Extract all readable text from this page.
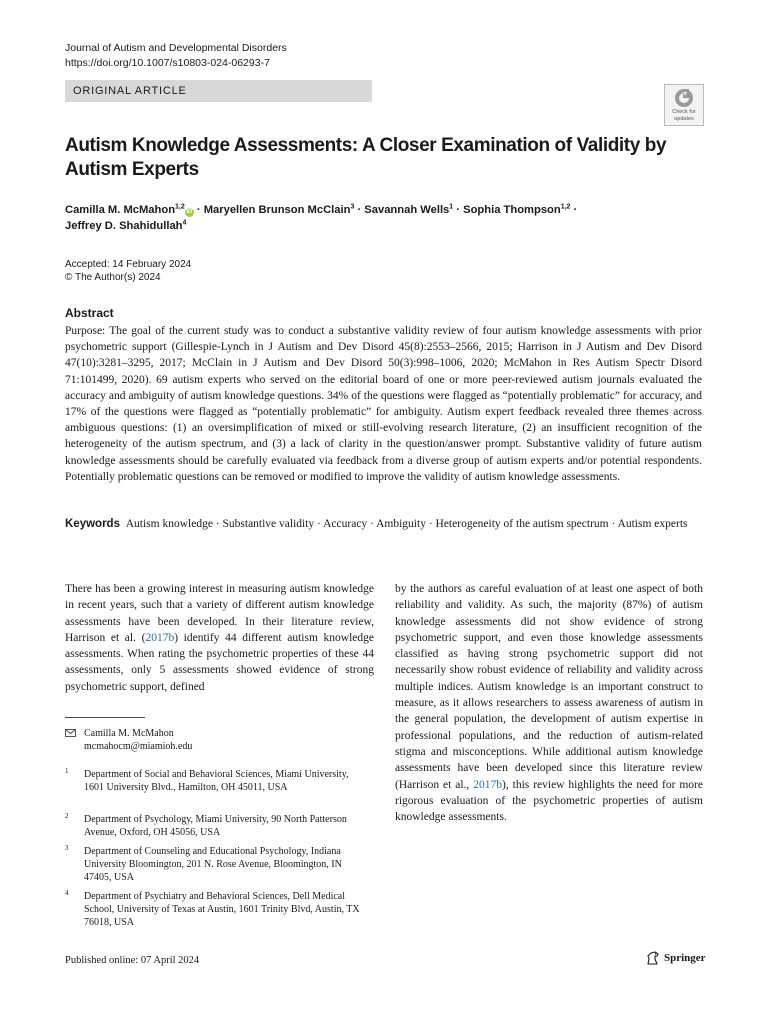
Journal of Autism and Developmental Disorders
https://doi.org/10.1007/s10803-024-06293-7
ORIGINAL ARTICLE
Check for
updates
Autism Knowledge Assessments: A Closer Examination of Validity by Autism Experts
Camilla M. McMahon$^{1,2}$iD · Maryellen Brunson McClain$^3$ · Savannah Wells$^1$ · Sophia Thompson$^{1,2}$ ·
Jeffrey D. Shahidullah$^4$
Accepted: 14 February 2024
© The Author(s) 2024
Abstract

Purpose: The goal of the current study was to conduct a substantive validity review of four autism knowledge assessments with prior psychometric support (Gillespie-Lynch in J Autism and Dev Disord 45(8):2553–2566, 2015; Harrison in J Autism and Dev Disord 47(10):3281–3295, 2017; McClain in J Autism and Dev Disord 50(3):998–1006, 2020; McMahon in Res Autism Spectr Disord 71:101499, 2020). 69 autism experts who served on the editorial board of one or more peer-reviewed autism journals evaluated the accuracy and ambiguity of autism knowledge questions. 34% of the questions were flagged as “potentially problematic” for accuracy, and 17% of the questions were flagged as “potentially problematic” for ambiguity. Autism expert feedback revealed three themes across ambiguous questions: (1) an oversimplification of mixed or still-evolving research literature, (2) an insufficient recognition of the heterogeneity of the autism spectrum, and (3) a lack of clarity in the question/answer prompt. Substantive validity of future autism knowledge assessments should be carefully evaluated via feedback from a diverse group of autism experts and/or potential respondents. Potentially problematic questions can be removed or modified to improve the validity of autism knowledge assessments.

Keywords Autism knowledge · Substantive validity · Accuracy · Ambiguity · Heterogeneity of the autism spectrum · Autism experts

There has been a growing interest in measuring autism knowledge in recent years, such that a variety of different autism knowledge assessments have been developed. In their literature review, Harrison et al. (2017b) identify 44 different autism knowledge assessments. When rating the psychometric properties of these 44 assessments, only 5 assessments showed evidence of strong psychometric support, defined

by the authors as careful evaluation of at least one aspect of both reliability and validity. As such, the majority (87%) of autism knowledge assessments did not show evidence of strong psychometric support, and even those knowledge assessments classified as having strong psychometric support did not necessarily show robust evidence of reliability and validity across multiple indices. Autism knowledge is an important construct to measure, as it allows researchers to assess awareness of autism in the general population, the development of autism expertise in professional populations, and the reduction of autism-related stigma and misconceptions. While additional autism knowledge assessments have been developed since this literature review (Harrison et al., 2017b), this review highlights the need for more rigorous evaluation of the psychometric properties of autism knowledge assessments.

Camilla M. McMahon
mcmahocm@miamioh.edu
1 Department of Social and Behavioral Sciences, Miami University, 1601 University Blvd., Hamilton, OH 45011, USA
2 Department of Psychology, Miami University, 90 North Patterson Avenue, Oxford, OH 45056, USA
3 Department of Counseling and Educational Psychology, Indiana University Bloomington, 201 N. Rose Avenue, Bloomington, IN 47405, USA
4 Department of Psychiatry and Behavioral Sciences, Dell Medical School, University of Texas at Austin, 1601 Trinity Blvd, Austin, TX 76018, USA
Published online: 07 April 2024	Springer
